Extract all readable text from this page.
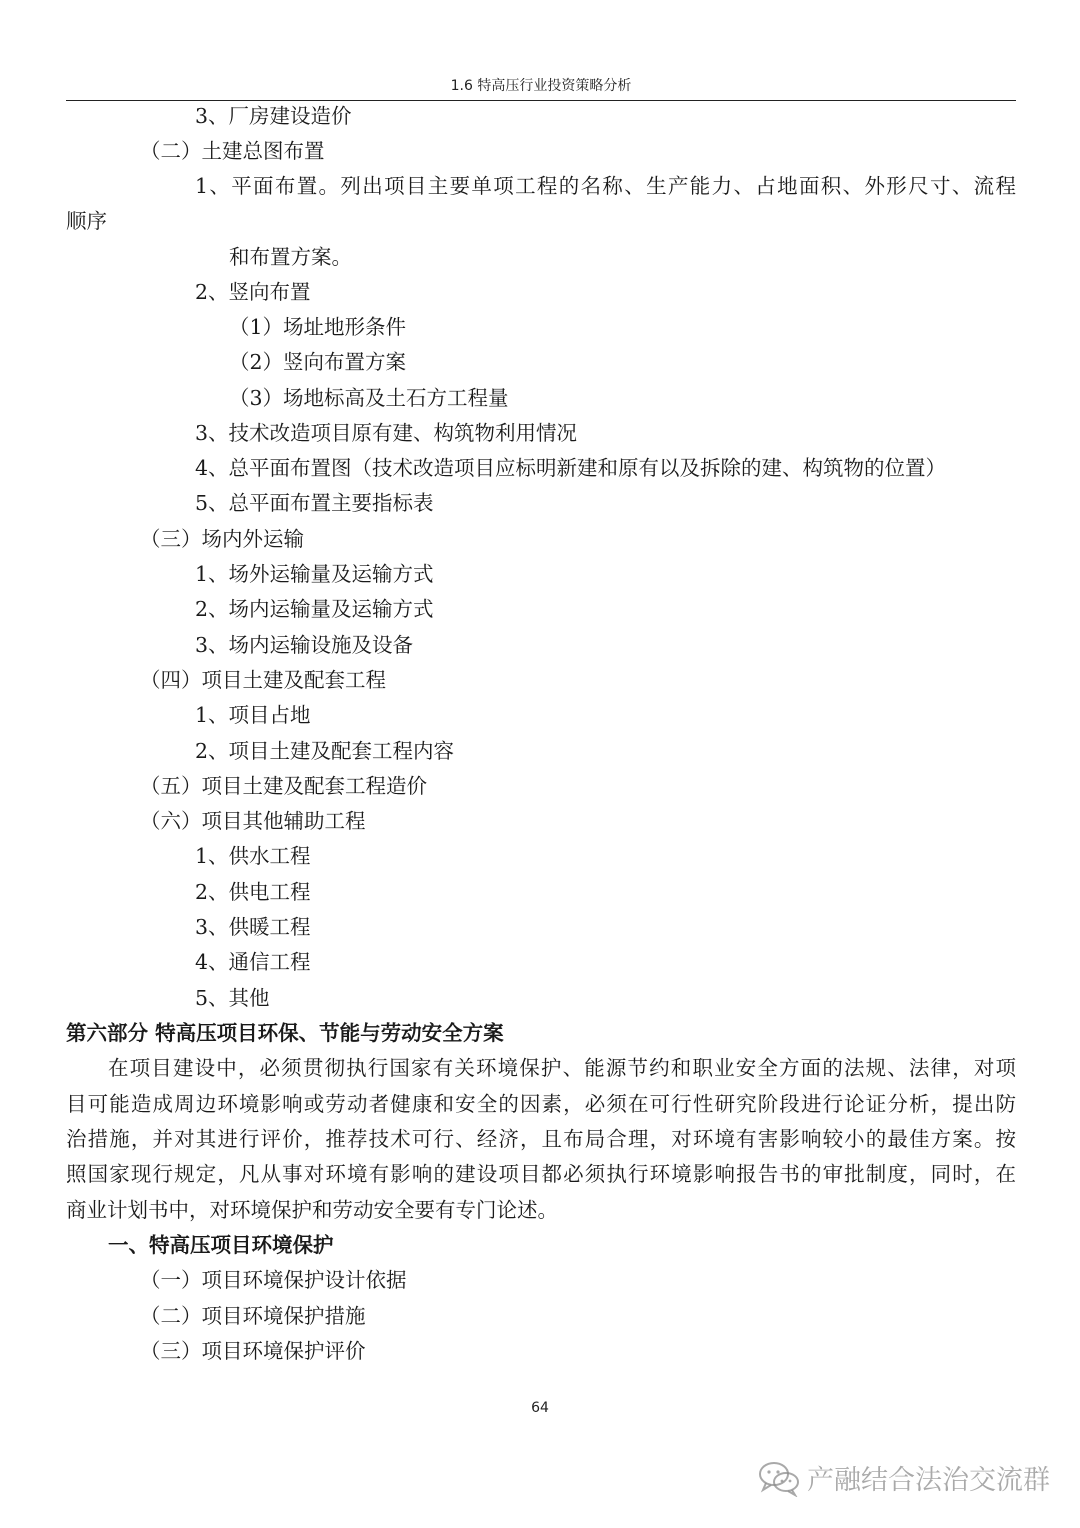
1.6 特高压行业投资策略分析
3、厂房建设造价
（二）土建总图布置
1、平面布置。列出项目主要单项工程的名称、生产能力、占地面积、外形尺寸、流程
顺序
和布置方案。
2、竖向布置
（1）场址地形条件
（2）竖向布置方案
（3）场地标高及土石方工程量
3、技术改造项目原有建、构筑物利用情况
4、总平面布置图（技术改造项目应标明新建和原有以及拆除的建、构筑物的位置）
5、总平面布置主要指标表
（三）场内外运输
1、场外运输量及运输方式
2、场内运输量及运输方式
3、场内运输设施及设备
（四）项目土建及配套工程
1、项目占地
2、项目土建及配套工程内容
（五）项目土建及配套工程造价
（六）项目其他辅助工程
1、供水工程
2、供电工程
3、供暖工程
4、通信工程
5、其他
第六部分 特高压项目环保、节能与劳动安全方案
在项目建设中，必须贯彻执行国家有关环境保护、能源节约和职业安全方面的法规、法律，对项
目可能造成周边环境影响或劳动者健康和安全的因素，必须在可行性研究阶段进行论证分析，提出防
治措施，并对其进行评价，推荐技术可行、经济，且布局合理，对环境有害影响较小的最佳方案。按
照国家现行规定，凡从事对环境有影响的建设项目都必须执行环境影响报告书的审批制度，同时，在
商业计划书中，对环境保护和劳动安全要有专门论述。
一、特高压项目环境保护
（一）项目环境保护设计依据
（二）项目环境保护措施
（三）项目环境保护评价
64
产融结合法治交流群
